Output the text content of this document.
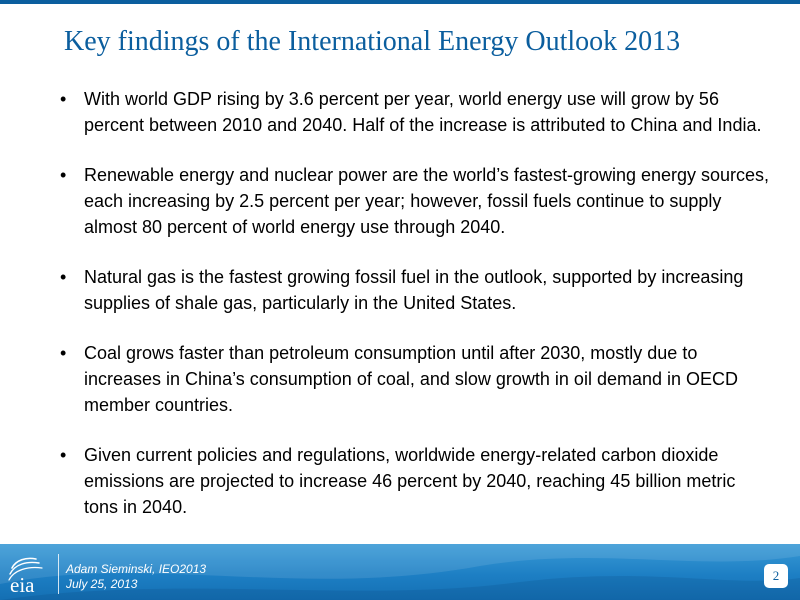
Key findings of the International Energy Outlook 2013
• With world GDP rising by 3.6 percent per year, world energy use will grow by 56 percent between 2010 and 2040. Half of the increase is attributed to China and India.
• Renewable energy and nuclear power are the world’s fastest-growing energy sources, each increasing by 2.5 percent per year; however, fossil fuels continue to supply almost 80 percent of world energy use through 2040.
• Natural gas is the fastest growing fossil fuel in the outlook, supported by increasing supplies of shale gas, particularly in the United States.
• Coal grows faster than petroleum consumption until after 2030, mostly due to increases in China’s consumption of coal, and slow growth in oil demand in OECD member countries.
• Given current policies and regulations, worldwide energy-related carbon dioxide emissions are projected to increase 46 percent by 2040, reaching 45 billion metric tons in 2040.
eia
Adam Sieminski, IEO2013
July 25, 2013
2
